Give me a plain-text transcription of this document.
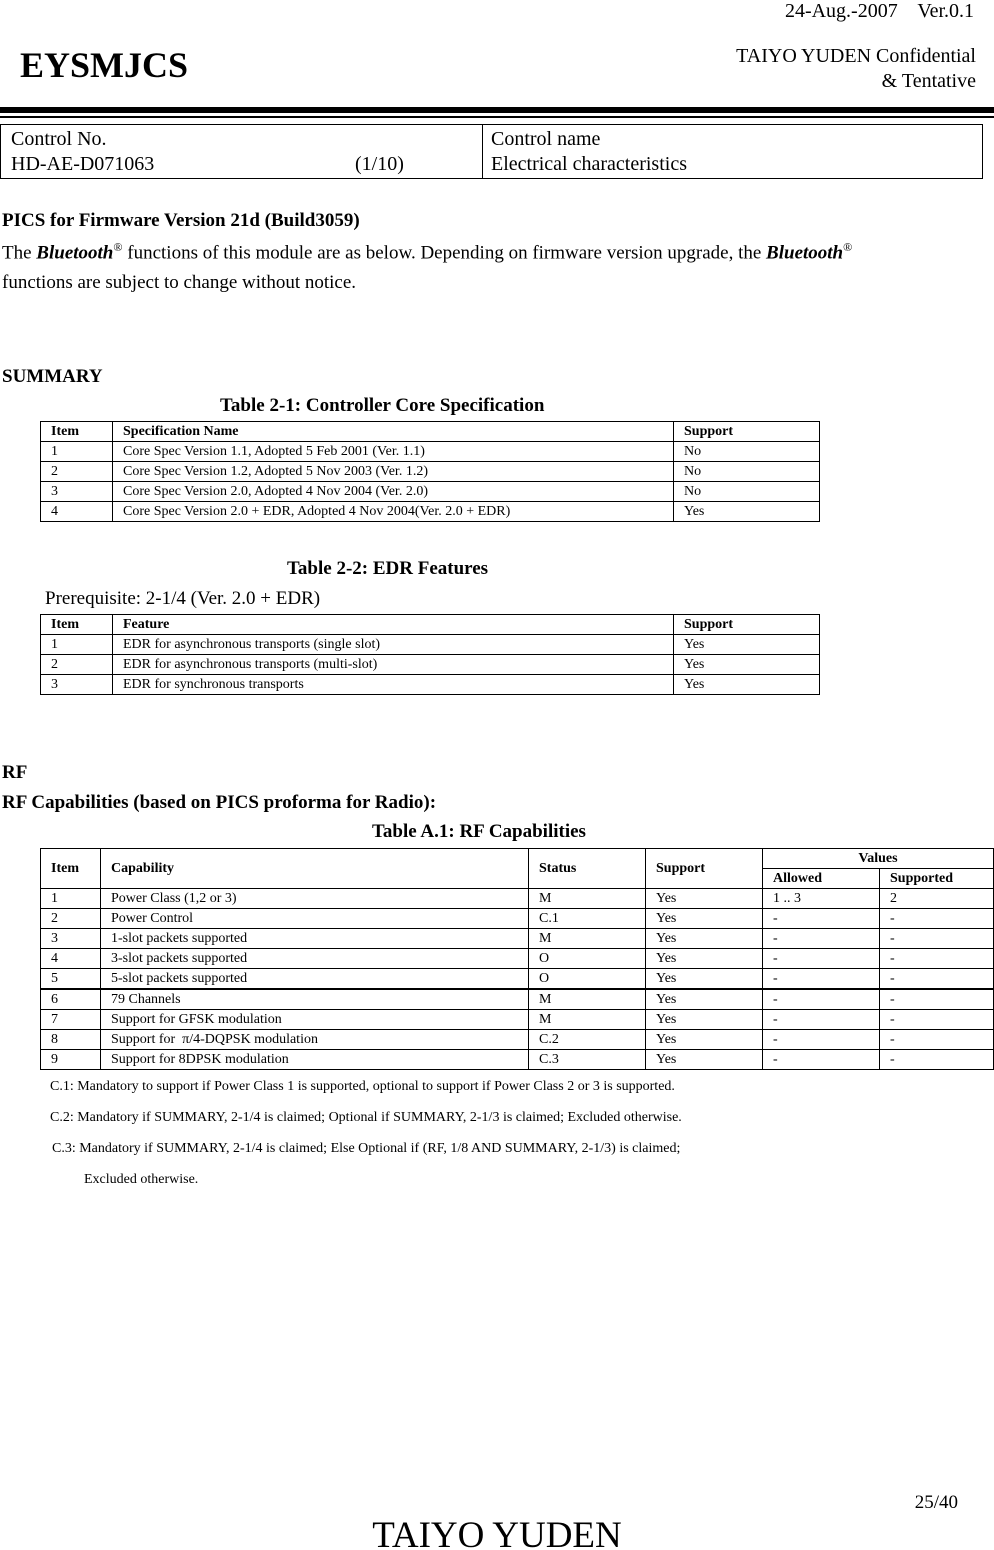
24-Aug.-2007    Ver.0.1
EYSMJCS	TAIYO YUDEN Confidential
& Tentative
Control No.
HD-AE-D071063	(1/10)
Control name
Electrical characteristics
PICS for Firmware Version 21d (Build3059)
The Bluetooth® functions of this module are as below. Depending on firmware version upgrade, the Bluetooth®
functions are subject to change without notice.
SUMMARY
Table 2-1: Controller Core Specification
Item	Specification Name	Support
1	Core Spec Version 1.1, Adopted 5 Feb 2001 (Ver. 1.1)	No
2	Core Spec Version 1.2, Adopted 5 Nov 2003 (Ver. 1.2)	No
3	Core Spec Version 2.0, Adopted 4 Nov 2004 (Ver. 2.0)	No
4	Core Spec Version 2.0 + EDR, Adopted 4 Nov 2004(Ver. 2.0 + EDR)	Yes
Table 2-2: EDR Features
Prerequisite: 2-1/4 (Ver. 2.0 + EDR)
Item	Feature	Support
1	EDR for asynchronous transports (single slot)	Yes
2	EDR for asynchronous transports (multi-slot)	Yes
3	EDR for synchronous transports	Yes
RF
RF Capabilities (based on PICS proforma for Radio):
Table A.1: RF Capabilities
Item	Capability	Status	Support	Values	
				Allowed	Supported
1	Power Class (1,2 or 3)	M	Yes	1 .. 3	2
2	Power Control	C.1	Yes	-	-
3	1-slot packets supported	M	Yes	-	-
4	3-slot packets supported	O	Yes	-	-
5	5-slot packets supported	O	Yes	-	-
6	79 Channels	M	Yes	-	-
7	Support for GFSK modulation	M	Yes	-	-
8	Support for  π/4-DQPSK modulation	C.2	Yes	-	-
9	Support for 8DPSK modulation	C.3	Yes	-	-
C.1: Mandatory to support if Power Class 1 is supported, optional to support if Power Class 2 or 3 is supported.
C.2: Mandatory if SUMMARY, 2-1/4 is claimed; Optional if SUMMARY, 2-1/3 is claimed; Excluded otherwise.
C.3: Mandatory if SUMMARY, 2-1/4 is claimed; Else Optional if (RF, 1/8 AND SUMMARY, 2-1/3) is claimed;
Excluded otherwise.
25/40
TAIYO YUDEN
